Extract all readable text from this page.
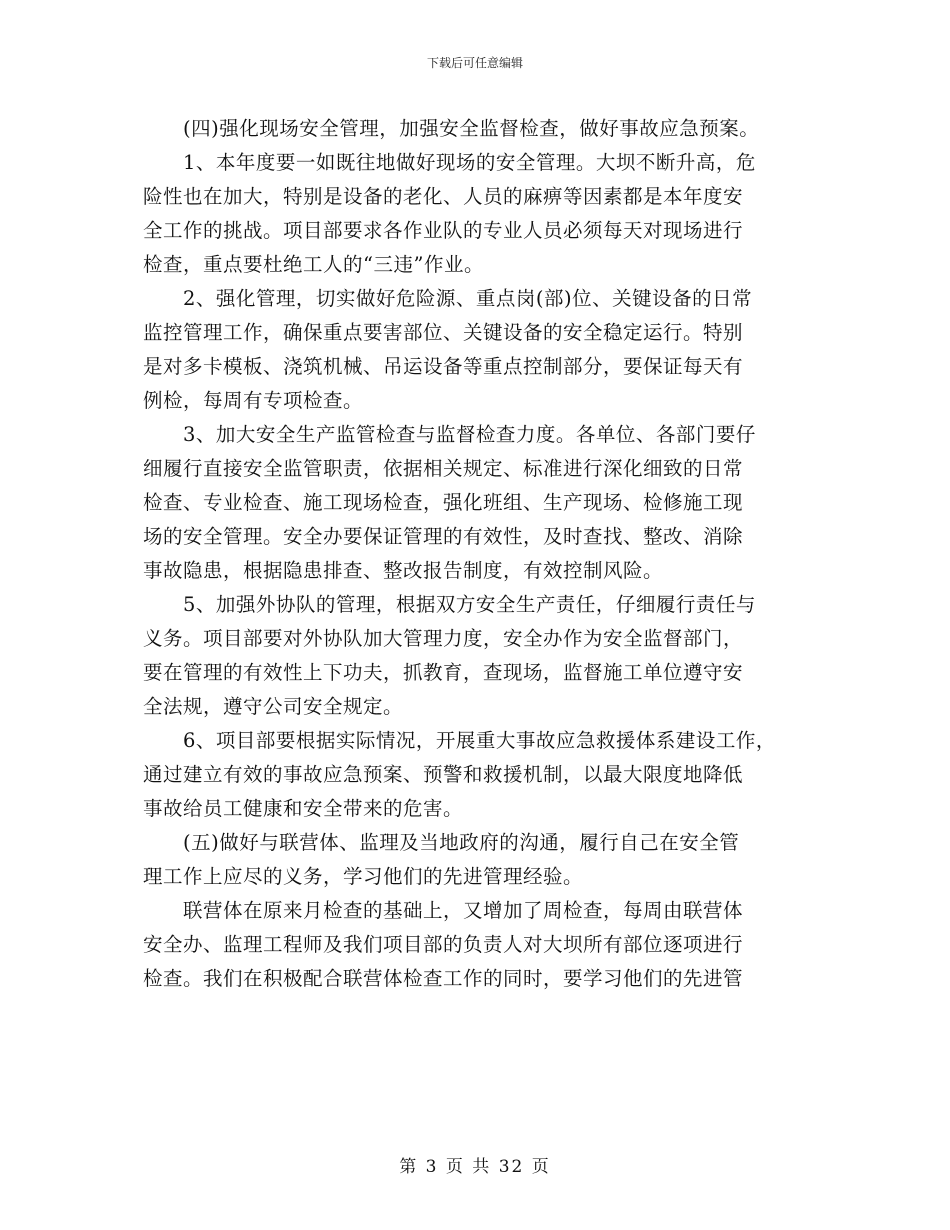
下载后可任意编辑

(四)强化现场安全管理，加强安全监督检查，做好事故应急预案。

1、本年度要一如既往地做好现场的安全管理。大坝不断升高，危
险性也在加大，特别是设备的老化、人员的麻痹等因素都是本年度安
全工作的挑战。项目部要求各作业队的专业人员必须每天对现场进行
检查，重点要杜绝工人的“三违”作业。

2、强化管理，切实做好危险源、重点岗(部)位、关键设备的日常
监控管理工作，确保重点要害部位、关键设备的安全稳定运行。特别
是对多卡模板、浇筑机械、吊运设备等重点控制部分，要保证每天有
例检，每周有专项检查。

3、加大安全生产监管检查与监督检查力度。各单位、各部门要仔
细履行直接安全监管职责，依据相关规定、标准进行深化细致的日常
检查、专业检查、施工现场检查，强化班组、生产现场、检修施工现
场的安全管理。安全办要保证管理的有效性，及时查找、整改、消除
事故隐患，根据隐患排查、整改报告制度，有效控制风险。

5、加强外协队的管理，根据双方安全生产责任，仔细履行责任与
义务。项目部要对外协队加大管理力度，安全办作为安全监督部门，
要在管理的有效性上下功夫，抓教育，查现场，监督施工单位遵守安
全法规，遵守公司安全规定。

6、项目部要根据实际情况，开展重大事故应急救援体系建设工作，
通过建立有效的事故应急预案、预警和救援机制，以最大限度地降低
事故给员工健康和安全带来的危害。

(五)做好与联营体、监理及当地政府的沟通，履行自己在安全管
理工作上应尽的义务，学习他们的先进管理经验。

联营体在原来月检查的基础上，又增加了周检查，每周由联营体
安全办、监理工程师及我们项目部的负责人对大坝所有部位逐项进行
检查。我们在积极配合联营体检查工作的同时，要学习他们的先进管

第 3 页 共 32 页
